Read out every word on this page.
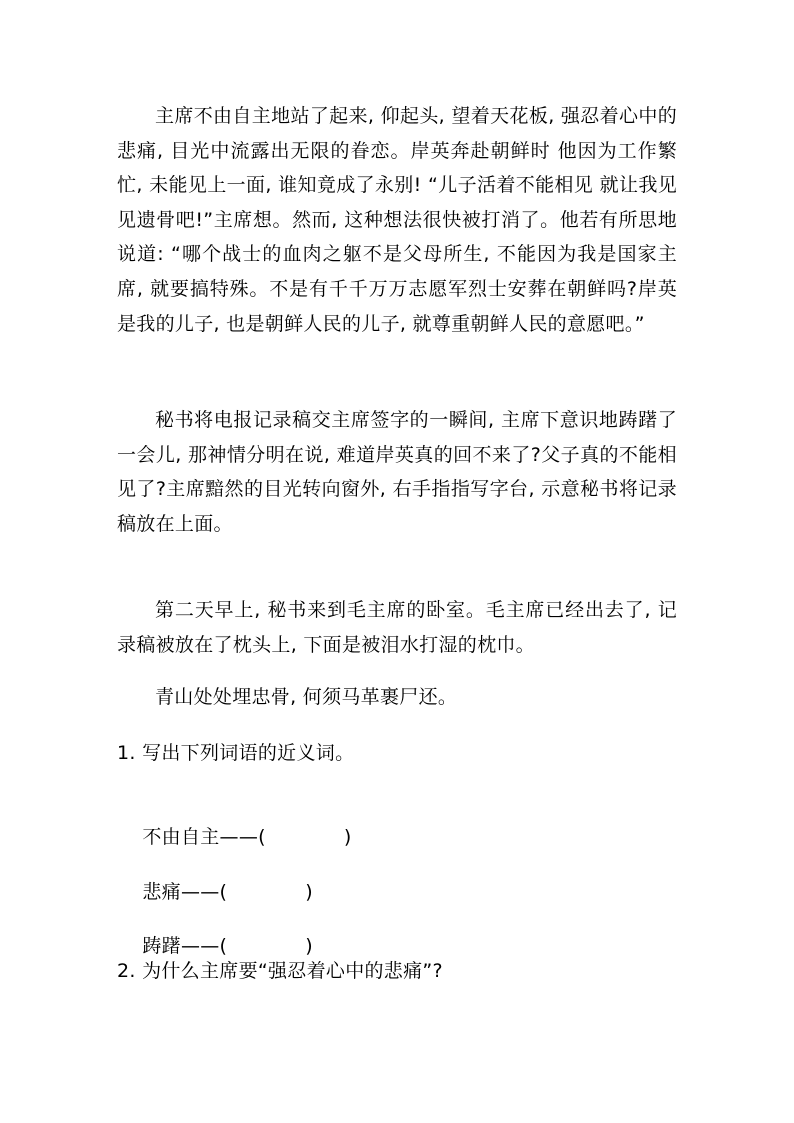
主席不由自主地站了起来, 仰起头, 望着天花板, 强忍着心中的悲痛, 目光中流露出无限的眷恋。岸英奔赴朝鲜时 他因为工作繁忙, 未能见上一面, 谁知竟成了永别! “儿子活着不能相见 就让我见见遗骨吧!”主席想。然而, 这种想法很快被打消了。他若有所思地说道: “哪个战士的血肉之躯不是父母所生, 不能因为我是国家主席, 就要搞特殊。不是有千千万万志愿军烈士安葬在朝鲜吗?岸英是我的儿子, 也是朝鲜人民的儿子, 就尊重朝鲜人民的意愿吧。”

秘书将电报记录稿交主席签字的一瞬间, 主席下意识地踌躇了一会儿, 那神情分明在说, 难道岸英真的回不来了?父子真的不能相见了?主席黯然的目光转向窗外, 右手指指写字台, 示意秘书将记录稿放在上面。

第二天早上, 秘书来到毛主席的卧室。毛主席已经出去了, 记录稿被放在了枕头上, 下面是被泪水打湿的枕巾。

青山处处埋忠骨, 何须马革裹尸还。

1. 写出下列词语的近义词。

不由自主——(	)

悲痛——(	)

踌躇——(	)

2. 为什么主席要“强忍着心中的悲痛”?
